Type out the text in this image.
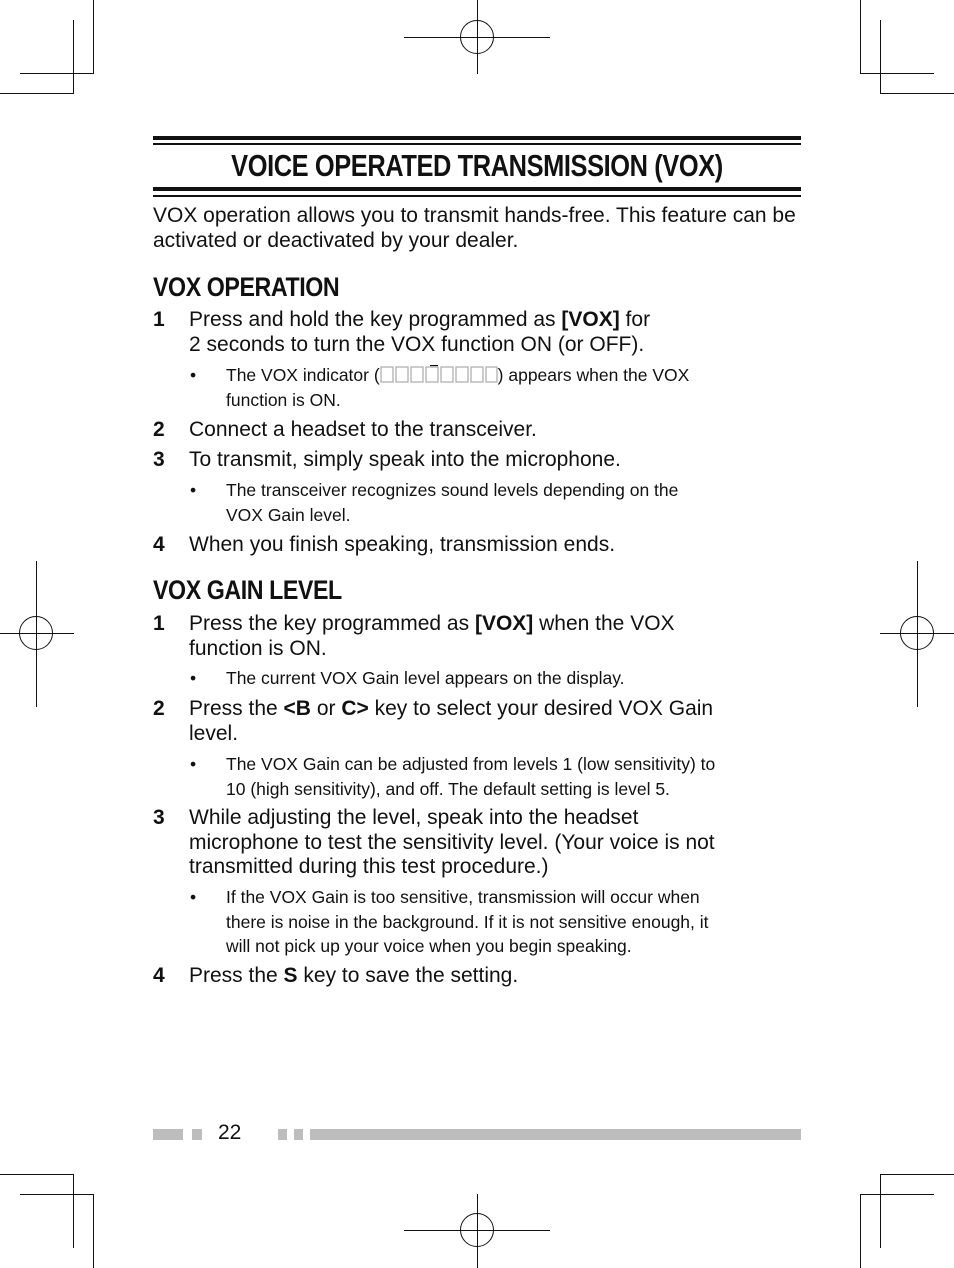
VOICE OPERATED TRANSMISSION (VOX)
VOX operation allows you to transmit hands-free. This feature can be activated or deactivated by your dealer.
VOX OPERATION
1 Press and hold the key programmed as [VOX] for
2 seconds to turn the VOX function ON (or OFF).
• The VOX indicator (	) appears when the VOX
function is ON.
2 Connect a headset to the transceiver.
3 To transmit, simply speak into the microphone.
• The transceiver recognizes sound levels depending on the
VOX Gain level.
4 When you finish speaking, transmission ends.
VOX GAIN LEVEL
1 Press the key programmed as [VOX] when the VOX
function is ON.
• The current VOX Gain level appears on the display.
2 Press the <B or C> key to select your desired VOX Gain
level.
• The VOX Gain can be adjusted from levels 1 (low sensitivity) to
10 (high sensitivity), and off. The default setting is level 5.
3 While adjusting the level, speak into the headset
microphone to test the sensitivity level. (Your voice is not
transmitted during this test procedure.)
• If the VOX Gain is too sensitive, transmission will occur when
there is noise in the background. If it is not sensitive enough, it
will not pick up your voice when you begin speaking.
4 Press the S key to save the setting.
22
